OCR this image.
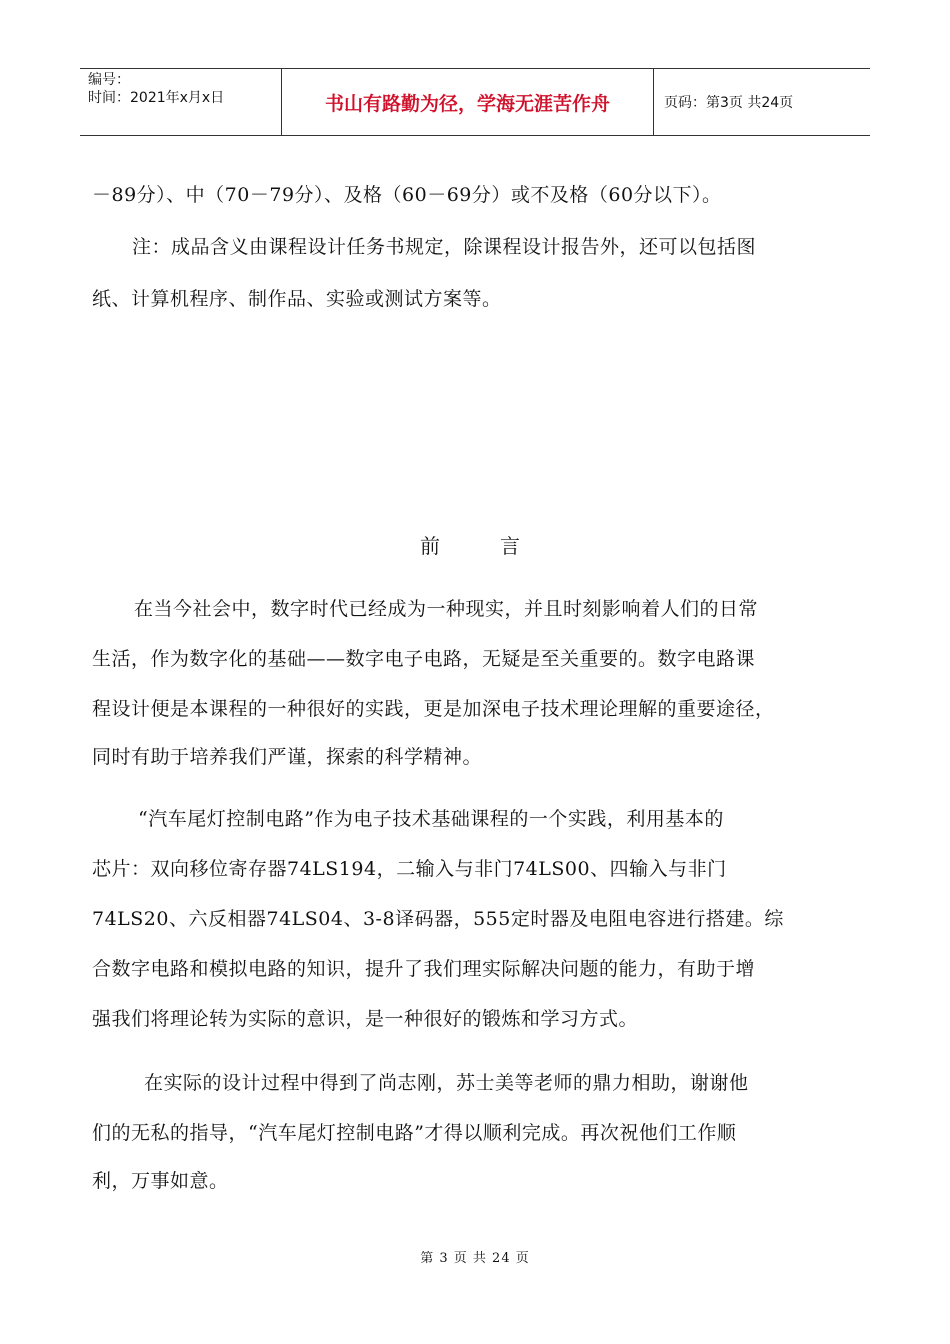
编号：
时间：2021年x月x日	书山有路勤为径，学海无涯苦作舟	页码：第3页 共24页
－89分）、中（70－79分）、及格（60－69分）或不及格（60分以下）。
注：成品含义由课程设计任务书规定，除课程设计报告外，还可以包括图
纸、计算机程序、制作品、实验或测试方案等。
前言
在当今社会中，数字时代已经成为一种现实，并且时刻影响着人们的日常
生活，作为数字化的基础——数字电子电路，无疑是至关重要的。数字电路课
程设计便是本课程的一种很好的实践，更是加深电子技术理论理解的重要途径，
同时有助于培养我们严谨，探索的科学精神。
“汽车尾灯控制电路”作为电子技术基础课程的一个实践，利用基本的
芯片：双向移位寄存器74LS194，二输入与非门74LS00、四输入与非门
74LS20、六反相器74LS04、3-8译码器，555定时器及电阻电容进行搭建。综
合数字电路和模拟电路的知识，提升了我们理实际解决问题的能力，有助于增
强我们将理论转为实际的意识，是一种很好的锻炼和学习方式。
在实际的设计过程中得到了尚志刚，苏士美等老师的鼎力相助，谢谢他
们的无私的指导，“汽车尾灯控制电路”才得以顺利完成。再次祝他们工作顺
利，万事如意。
第 3 页 共 24 页
